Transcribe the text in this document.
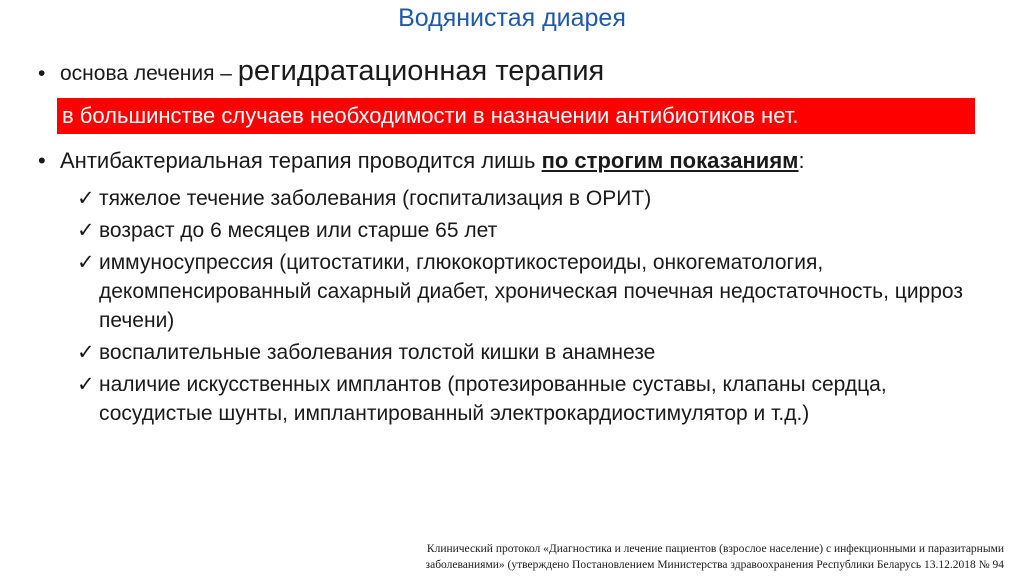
Водянистая диарея
• основа лечения – регидратационная терапия
в большинстве случаев необходимости в назначении антибиотиков нет.
• Антибактериальная терапия проводится лишь по строгим показаниям:
✓ тяжелое течение заболевания (госпитализация в ОРИТ)
✓ возраст до 6 месяцев или старше 65 лет
✓ иммуносупрессия (цитостатики, глюкокортикостероиды, онкогематология, декомпенсированный сахарный диабет, хроническая почечная недостаточность, цирроз печени)
✓ воспалительные заболевания толстой кишки в анамнезе
✓ наличие искусственных имплантов (протезированные суставы, клапаны сердца, сосудистые шунты, имплантированный электрокардиостимулятор и т.д.)
Клинический протокол «Диагностика и лечение пациентов (взрослое население) с инфекционными и паразитарными
заболеваниями» (утверждено Постановлением Министерства здравоохранения Республики Беларусь 13.12.2018 № 94
